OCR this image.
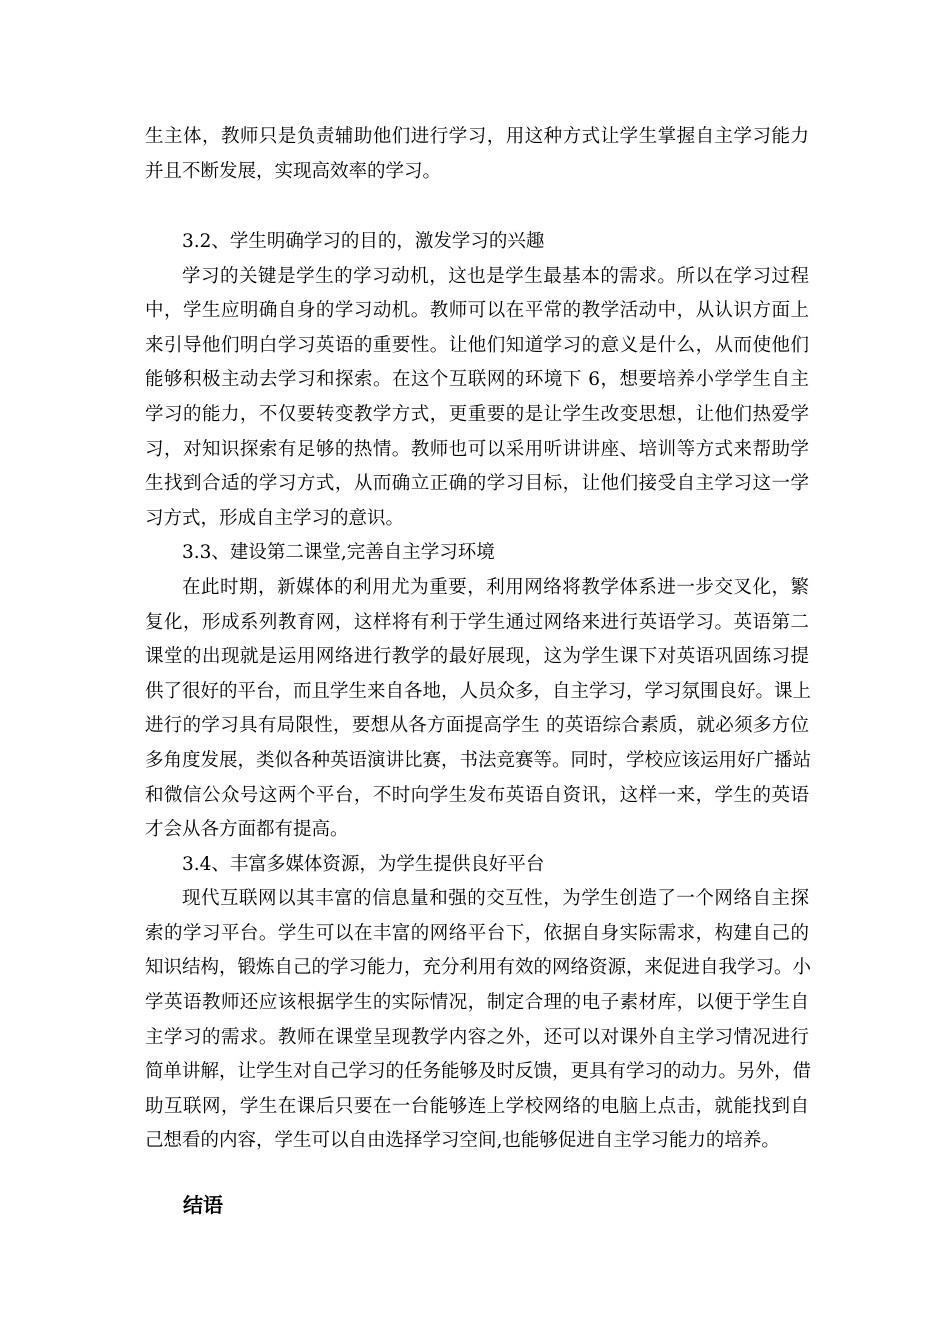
生主体，教师只是负责辅助他们进行学习，用这种方式让学生掌握自主学习能力
并且不断发展，实现高效率的学习。
3.2、学生明确学习的目的，激发学习的兴趣
学习的关键是学生的学习动机，这也是学生最基本的需求。所以在学习过程
中，学生应明确自身的学习动机。教师可以在平常的教学活动中，从认识方面上
来引导他们明白学习英语的重要性。让他们知道学习的意义是什么，从而使他们
能够积极主动去学习和探索。在这个互联网的环境下 6，想要培养小学学生自主
学习的能力，不仅要转变教学方式，更重要的是让学生改变思想，让他们热爱学
习，对知识探索有足够的热情。教师也可以采用听讲讲座、培训等方式来帮助学
生找到合适的学习方式，从而确立正确的学习目标，让他们接受自主学习这一学
习方式，形成自主学习的意识。
3.3、建设第二课堂,完善自主学习环境
在此时期，新媒体的利用尤为重要，利用网络将教学体系进一步交叉化，繁
复化，形成系列教育网，这样将有利于学生通过网络来进行英语学习。英语第二
课堂的出现就是运用网络进行教学的最好展现，这为学生课下对英语巩固练习提
供了很好的平台，而且学生来自各地，人员众多，自主学习，学习氛围良好。课上
进行的学习具有局限性，要想从各方面提高学生 的英语综合素质，就必须多方位
多角度发展，类似各种英语演讲比赛，书法竞赛等。同时，学校应该运用好广播站
和微信公众号这两个平台，不时向学生发布英语自资讯，这样一来，学生的英语
才会从各方面都有提高。
3.4、丰富多媒体资源，为学生提供良好平台
现代互联网以其丰富的信息量和强的交互性，为学生创造了一个网络自主探
索的学习平台。学生可以在丰富的网络平台下，依据自身实际需求，构建自己的
知识结构，锻炼自己的学习能力，充分利用有效的网络资源，来促进自我学习。小
学英语教师还应该根据学生的实际情况，制定合理的电子素材库，以便于学生自
主学习的需求。教师在课堂呈现教学内容之外，还可以对课外自主学习情况进行
简单讲解，让学生对自己学习的任务能够及时反馈，更具有学习的动力。另外，借
助互联网，学生在课后只要在一台能够连上学校网络的电脑上点击，就能找到自
己想看的内容，学生可以自由选择学习空间,也能够促进自主学习能力的培养。
结语
